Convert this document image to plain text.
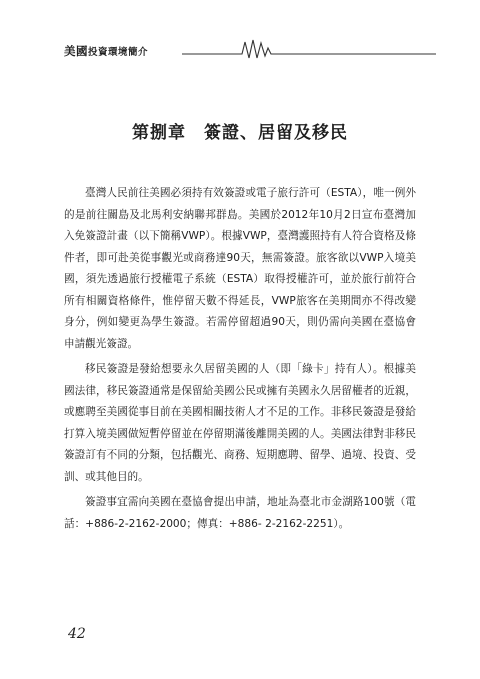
美國投資環境簡介
第捌章　簽證、居留及移民

臺灣人民前往美國必須持有效簽證或電子旅行許可（ESTA），唯一例外的是前往關島及北馬利安納聯邦群島。美國於2012年10月2日宣布臺灣加入免簽證計畫（以下簡稱VWP）。根據VWP，臺灣護照持有人符合資格及條件者，即可赴美從事觀光或商務達90天，無需簽證。旅客欲以VWP入境美國，須先透過旅行授權電子系統（ESTA）取得授權許可，並於旅行前符合所有相關資格條件，惟停留天數不得延長，VWP旅客在美期間亦不得改變身分，例如變更為學生簽證。若需停留超過90天，則仍需向美國在臺協會申請觀光簽證。

移民簽證是發給想要永久居留美國的人（即「綠卡」持有人）。根據美國法律，移民簽證通常是保留給美國公民或擁有美國永久居留權者的近親，或應聘至美國從事目前在美國相關技術人才不足的工作。非移民簽證是發給打算入境美國做短暫停留並在停留期滿後離開美國的人。美國法律對非移民簽證訂有不同的分類，包括觀光、商務、短期應聘、留學、過境、投資、受訓、或其他目的。

簽證事宜需向美國在臺協會提出申請，地址為臺北市金湖路100號（電話：+886-2-2162-2000；傳真：+886- 2-2162-2251）。

42
